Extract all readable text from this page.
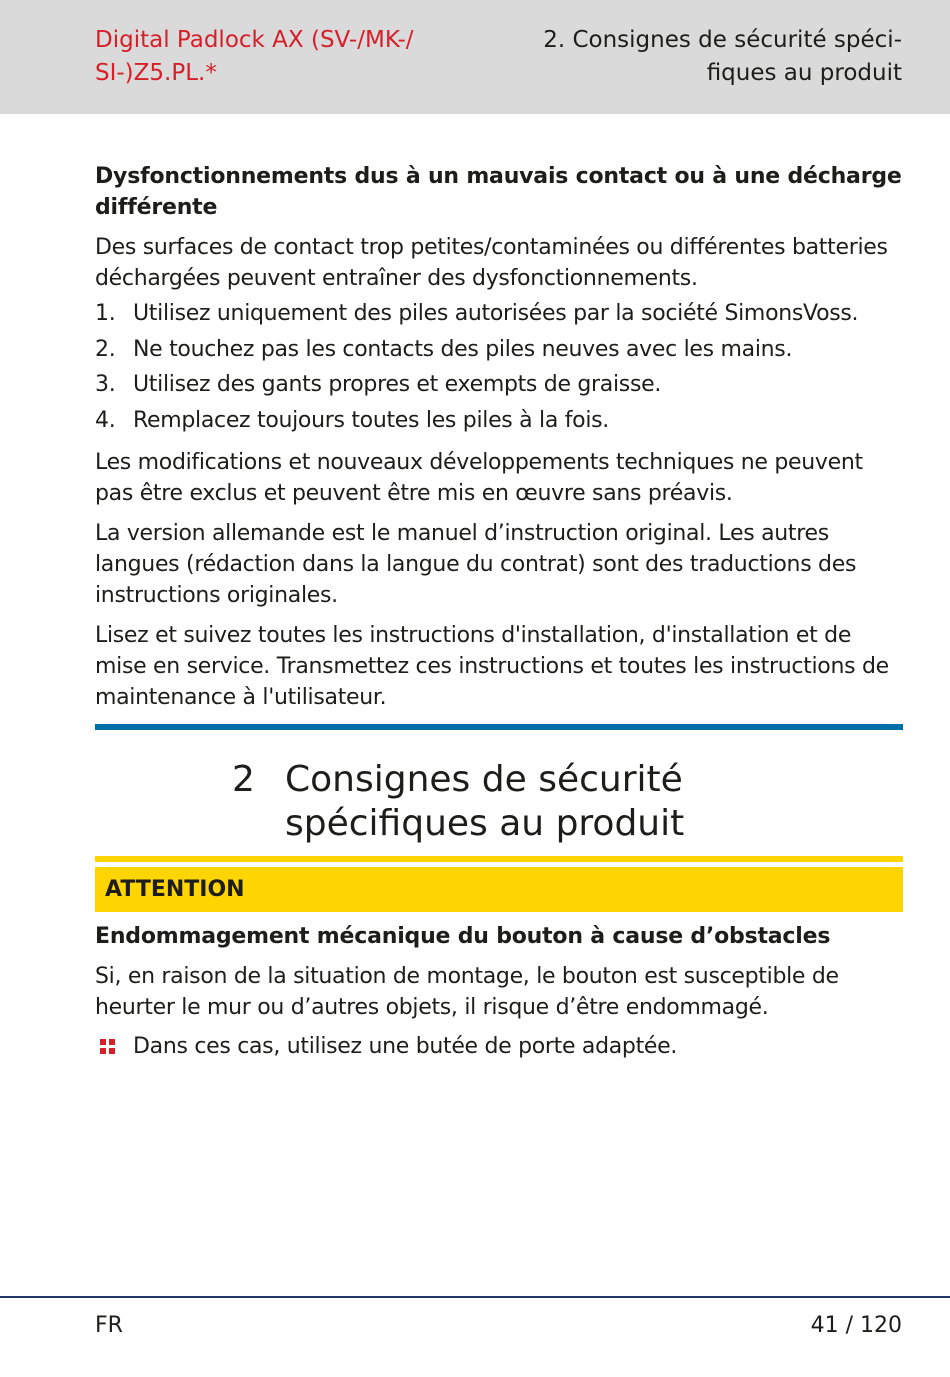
Digital Padlock AX (SV-/MK-/
SI-)Z5.PL.*
2. Consignes de sécurité spéci-
fiques au produit
Dysfonctionnements dus à un mauvais contact ou à une décharge différente
Des surfaces de contact trop petites/contaminées ou différentes batteries déchargées peuvent entraîner des dysfonctionnements.
1. Utilisez uniquement des piles autorisées par la société SimonsVoss.
2. Ne touchez pas les contacts des piles neuves avec les mains.
3. Utilisez des gants propres et exempts de graisse.
4. Remplacez toujours toutes les piles à la fois.
Les modifications et nouveaux développements techniques ne peuvent pas être exclus et peuvent être mis en œuvre sans préavis.
La version allemande est le manuel d’instruction original. Les autres langues (rédaction dans la langue du contrat) sont des traductions des instructions originales.
Lisez et suivez toutes les instructions d'installation, d'installation et de mise en service. Transmettez ces instructions et toutes les instructions de maintenance à l'utilisateur.
2 Consignes de sécurité spécifiques au produit
ATTENTION
Endommagement mécanique du bouton à cause d’obstacles
Si, en raison de la situation de montage, le bouton est susceptible de heurter le mur ou d’autres objets, il risque d’être endommagé.
Dans ces cas, utilisez une butée de porte adaptée.
FR	41 / 120
